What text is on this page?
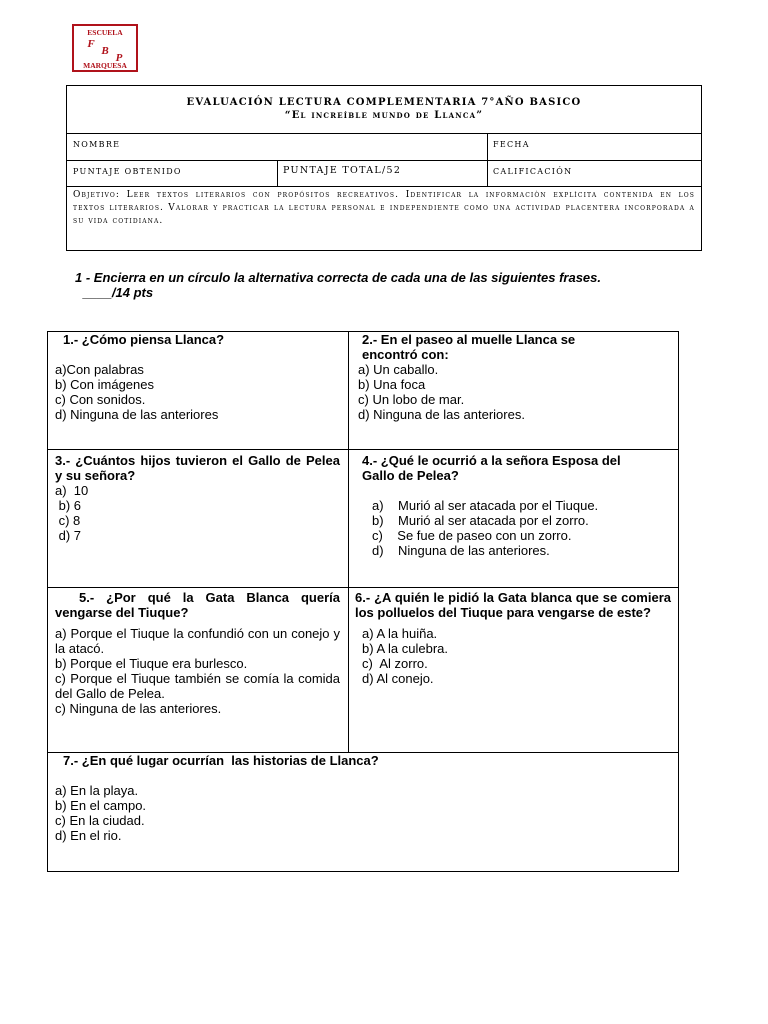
ESCUELA
F
B
P
MARQUESA
EVALUACIÓN LECTURA COMPLEMENTARIA 7°AÑO BASICO
“El increíble mundo de Llanca”
NOMBRE	FECHA
PUNTAJE OBTENIDO	PUNTAJE TOTAL/52	CALIFICACIÓN
Objetivo: Leer textos literarios con propósitos recreativos. Identificar la informaciòn explìcita contenida en los textos literarios. Valorar y practicar la lectura personal e independiente como una actividad placentera incorporada a su vida cotidiana.
1 - Encierra en un círculo la alternativa correcta de cada una de las siguientes frases.
____/14 pts
1.- ¿Cómo piensa Llanca?
a)Con palabras
b) Con imágenes
c) Con sonidos.
d) Ninguna de las anteriores
2.- En el paseo al muelle Llanca se encontró con:
a) Un caballo.
b) Una foca
c) Un lobo de mar.
d) Ninguna de las anteriores.
3.- ¿Cuántos hijos tuvieron el Gallo de Pelea y su señora?
a)  10
b) 6
c) 8
d) 7
4.- ¿Qué le ocurrió a la señora Esposa del Gallo de Pelea?
a)    Murió al ser atacada por el Tiuque.
b)    Murió al ser atacada por el zorro.
c)    Se fue de paseo con un zorro.
d)    Ninguna de las anteriores.
5.- ¿Por qué la Gata Blanca quería vengarse del Tiuque?
a) Porque el Tiuque la confundió con un conejo y la atacó.
b) Porque el Tiuque era burlesco.
c) Porque el Tiuque también se comía la comida del Gallo de Pelea.
c) Ninguna de las anteriores.
6.- ¿A quién le pidió la Gata blanca que se comiera los polluelos del Tiuque para vengarse de este?
a) A la huiña.
b) A la culebra.
c)  Al zorro.
d) Al conejo.
7.- ¿En qué lugar ocurrían  las historias de Llanca?
a) En la playa.
b) En el campo.
c) En la ciudad.
d) En el rio.
